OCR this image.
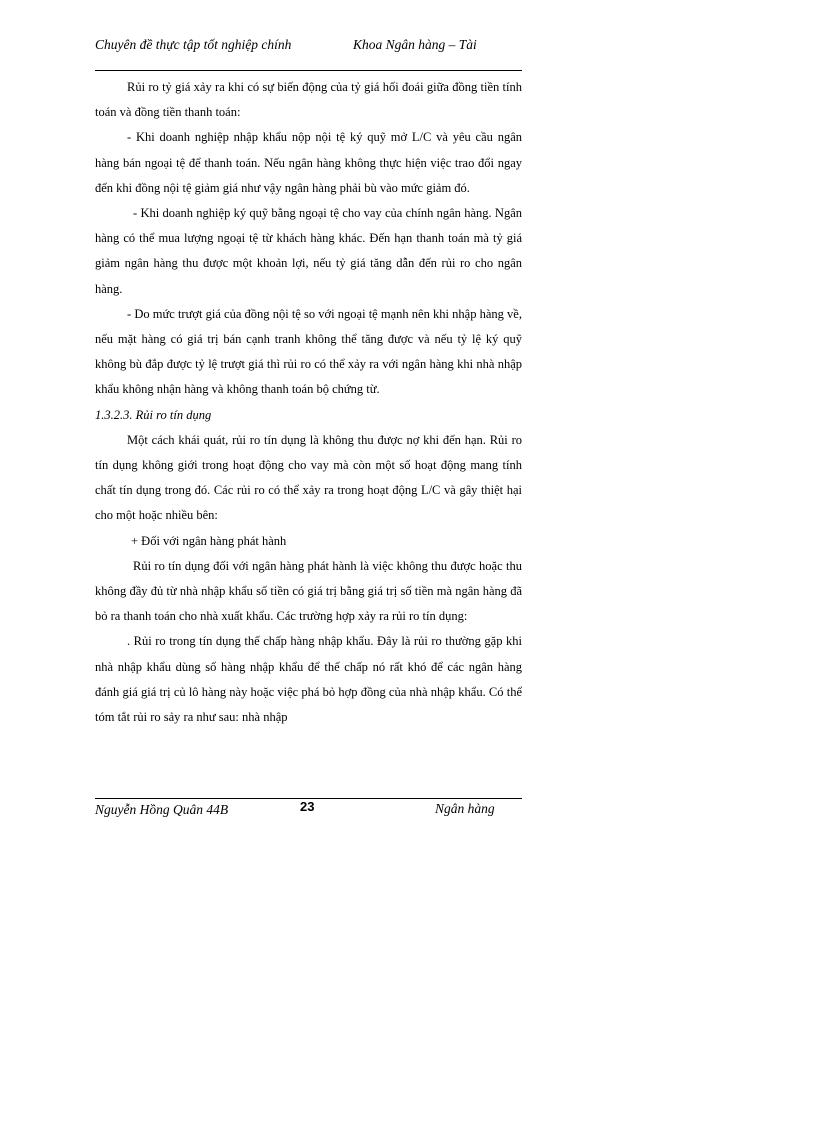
Chuyên đề thực tập tốt nghiệp chính	Khoa Ngân hàng – Tài

Rủi ro tỷ giá xảy ra khi có sự biến động của tỷ giá hối đoái giữa đồng tiền tính toán và đồng tiền thanh toán:

- Khi doanh nghiệp nhập khẩu nộp nội tệ ký quỹ mở L/C và yêu cầu ngân hàng bán ngoại tệ để thanh toán. Nếu ngân hàng không thực hiện việc trao đổi ngay đến khi đồng nội tệ giảm giá như vậy ngân hàng phải bù vào mức giảm đó.

- Khi doanh nghiệp ký quỹ bằng ngoại tệ cho vay của chính ngân hàng. Ngân hàng có thể mua lượng ngoại tệ từ khách hàng khác. Đến hạn thanh toán mà tỷ giá giảm ngân hàng thu được một khoản lợi, nếu tỷ giá tăng dẫn đến rủi ro cho ngân hàng.

- Do mức trượt giá của đồng nội tệ so với ngoại tệ mạnh nên khi nhập hàng về, nếu mặt hàng có giá trị bán cạnh tranh không thể tăng được và nếu tỷ lệ ký quỹ không bù đắp được tỷ lệ trượt giá thì rủi ro có thể xảy ra với ngân hàng khi nhà nhập khẩu không nhận hàng và không thanh toán bộ chứng từ.

1.3.2.3. Rủi ro tín dụng

Một cách khái quát, rủi ro tín dụng là không thu được nợ khi đến hạn. Rủi ro tín dụng không giới trong hoạt động cho vay mà còn một số hoạt động mang tính chất tín dụng trong đó. Các rủi ro có thể xảy ra trong hoạt động L/C và gây thiệt hại cho một hoặc nhiều bên:

+ Đối với ngân hàng phát hành

Rủi ro tín dụng đối với ngân hàng phát hành là việc không thu được hoặc thu không đầy đủ từ nhà nhập khẩu số tiền có giá trị bằng giá trị số tiền mà ngân hàng đã bỏ ra thanh toán cho nhà xuất khẩu. Các trường hợp xảy ra rủi ro tín dụng:

. Rủi ro trong tín dụng thế chấp hàng nhập khẩu. Đây là rủi ro thường gặp khi nhà nhập khẩu dùng số hàng nhập khẩu để thế chấp nó rất khó để các ngân hàng đánh giá giá trị củ lô hàng này hoặc việc phá bỏ hợp đồng của nhà nhập khẩu. Có thể tóm tắt rủi ro sảy ra như sau: nhà nhập

Nguyễn Hồng Quân 44B	23	Ngân hàng
